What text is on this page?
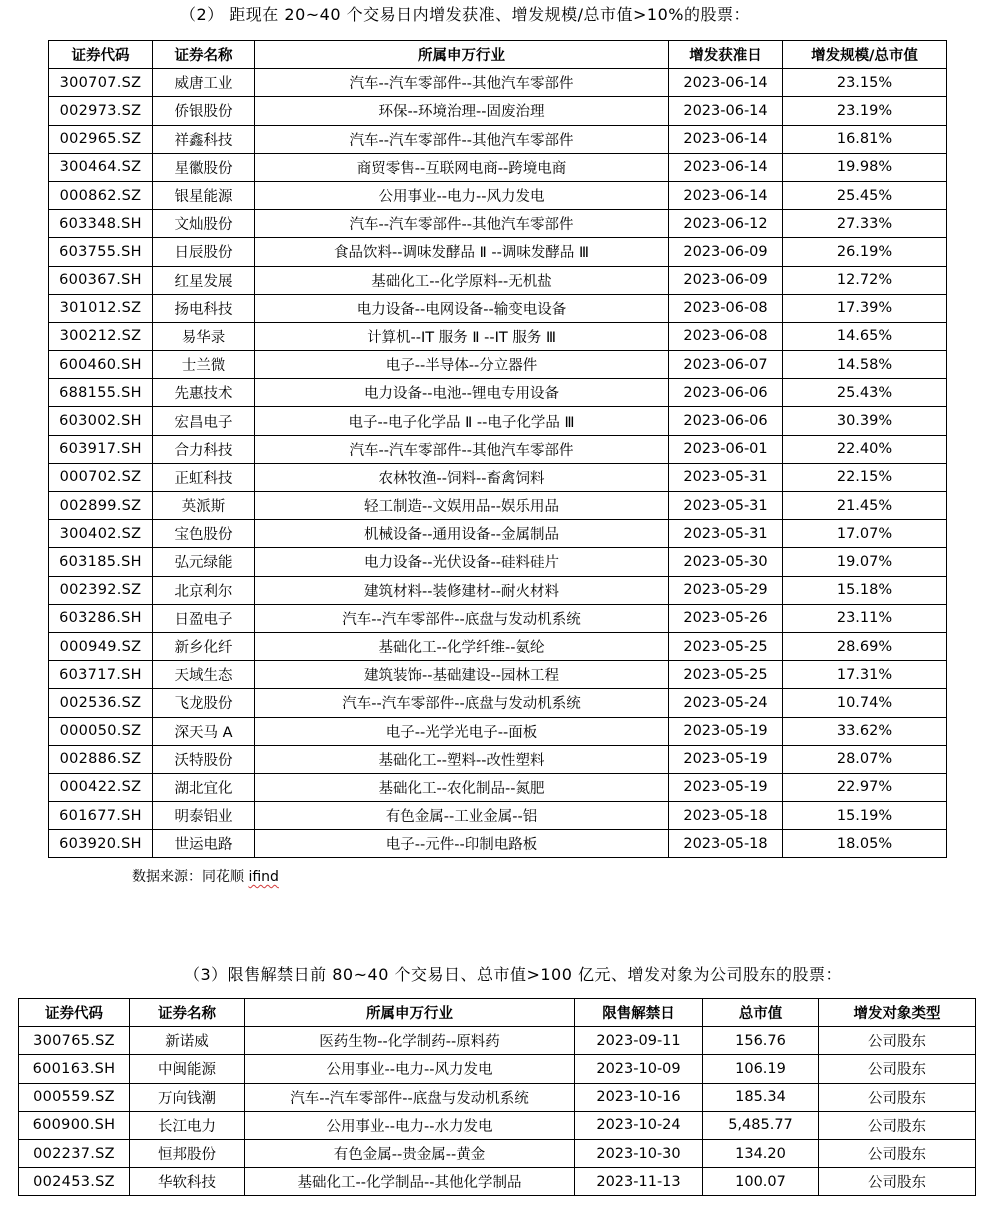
（2） 距现在 20~40 个交易日内增发获准、增发规模/总市值>10%的股票：
证券代码	证券名称	所属申万行业	增发获准日	增发规模/总市值
300707.SZ	威唐工业	汽车--汽车零部件--其他汽车零部件	2023-06-14	23.15%
002973.SZ	侨银股份	环保--环境治理--固废治理	2023-06-14	23.19%
002965.SZ	祥鑫科技	汽车--汽车零部件--其他汽车零部件	2023-06-14	16.81%
300464.SZ	星徽股份	商贸零售--互联网电商--跨境电商	2023-06-14	19.98%
000862.SZ	银星能源	公用事业--电力--风力发电	2023-06-14	25.45%
603348.SH	文灿股份	汽车--汽车零部件--其他汽车零部件	2023-06-12	27.33%
603755.SH	日辰股份	食品饮料--调味发酵品 Ⅱ --调味发酵品 Ⅲ	2023-06-09	26.19%
600367.SH	红星发展	基础化工--化学原料--无机盐	2023-06-09	12.72%
301012.SZ	扬电科技	电力设备--电网设备--输变电设备	2023-06-08	17.39%
300212.SZ	易华录	计算机--IT 服务 Ⅱ --IT 服务 Ⅲ	2023-06-08	14.65%
600460.SH	士兰微	电子--半导体--分立器件	2023-06-07	14.58%
688155.SH	先惠技术	电力设备--电池--锂电专用设备	2023-06-06	25.43%
603002.SH	宏昌电子	电子--电子化学品 Ⅱ --电子化学品 Ⅲ	2023-06-06	30.39%
603917.SH	合力科技	汽车--汽车零部件--其他汽车零部件	2023-06-01	22.40%
000702.SZ	正虹科技	农林牧渔--饲料--畜禽饲料	2023-05-31	22.15%
002899.SZ	英派斯	轻工制造--文娱用品--娱乐用品	2023-05-31	21.45%
300402.SZ	宝色股份	机械设备--通用设备--金属制品	2023-05-31	17.07%
603185.SH	弘元绿能	电力设备--光伏设备--硅料硅片	2023-05-30	19.07%
002392.SZ	北京利尔	建筑材料--装修建材--耐火材料	2023-05-29	15.18%
603286.SH	日盈电子	汽车--汽车零部件--底盘与发动机系统	2023-05-26	23.11%
000949.SZ	新乡化纤	基础化工--化学纤维--氨纶	2023-05-25	28.69%
603717.SH	天域生态	建筑装饰--基础建设--园林工程	2023-05-25	17.31%
002536.SZ	飞龙股份	汽车--汽车零部件--底盘与发动机系统	2023-05-24	10.74%
000050.SZ	深天马 A	电子--光学光电子--面板	2023-05-19	33.62%
002886.SZ	沃特股份	基础化工--塑料--改性塑料	2023-05-19	28.07%
000422.SZ	湖北宜化	基础化工--农化制品--氮肥	2023-05-19	22.97%
601677.SH	明泰铝业	有色金属--工业金属--铝	2023-05-18	15.19%
603920.SH	世运电路	电子--元件--印制电路板	2023-05-18	18.05%
数据来源：同花顺 ifind
（3）限售解禁日前 80~40 个交易日、总市值>100 亿元、增发对象为公司股东的股票：
证券代码	证券名称	所属申万行业	限售解禁日	总市值	增发对象类型
300765.SZ	新诺威	医药生物--化学制药--原料药	2023-09-11	156.76	公司股东
600163.SH	中闽能源	公用事业--电力--风力发电	2023-10-09	106.19	公司股东
000559.SZ	万向钱潮	汽车--汽车零部件--底盘与发动机系统	2023-10-16	185.34	公司股东
600900.SH	长江电力	公用事业--电力--水力发电	2023-10-24	5,485.77	公司股东
002237.SZ	恒邦股份	有色金属--贵金属--黄金	2023-10-30	134.20	公司股东
002453.SZ	华软科技	基础化工--化学制品--其他化学制品	2023-11-13	100.07	公司股东
